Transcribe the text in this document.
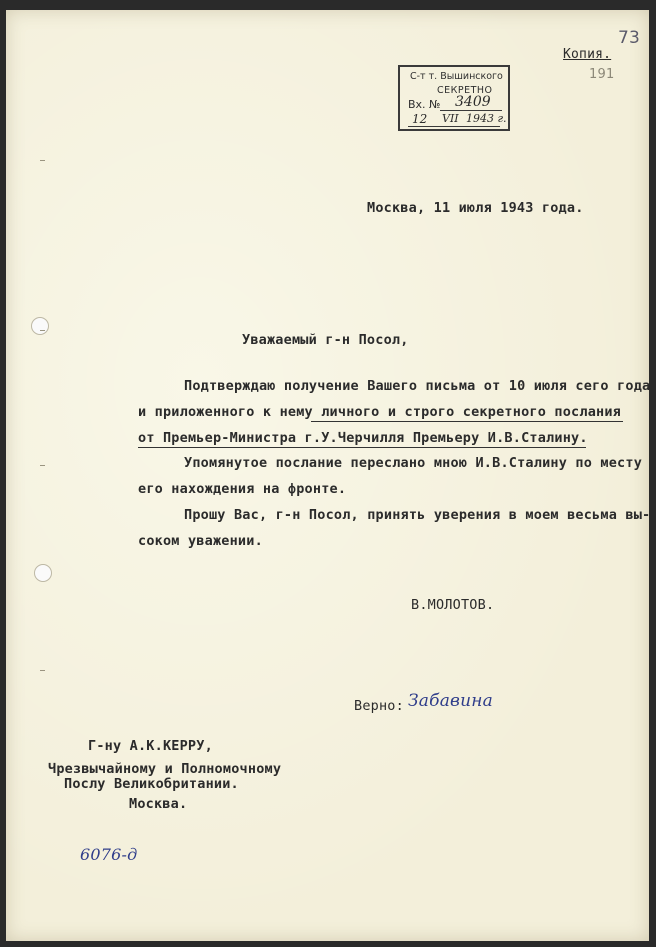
С-т т. Вышинского
СЕКРЕТНО
Вх. № 3409
12 VII 1943 г.
Копия.
73
191
Москва, 11 июля 1943 года.
Уважаемый г-н Посол,
Подтверждаю получение Вашего письма от 10 июля сего года
и приложенного к нему личного и строго секретного послания
от Премьер-Министра г.У.Черчилля Премьеру И.В.Сталину.
Упомянутое послание переслано мною И.В.Сталину по месту
его нахождения на фронте.
Прошу Вас, г-н Посол, принять уверения в моем весьма вы-
соком уважении.
В.МОЛОТОВ.
Верно: Забавина
Г-ну А.К.КЕРРУ,
Чрезвычайному и Полномочному
Послу Великобритании.
Москва.
6076-д
